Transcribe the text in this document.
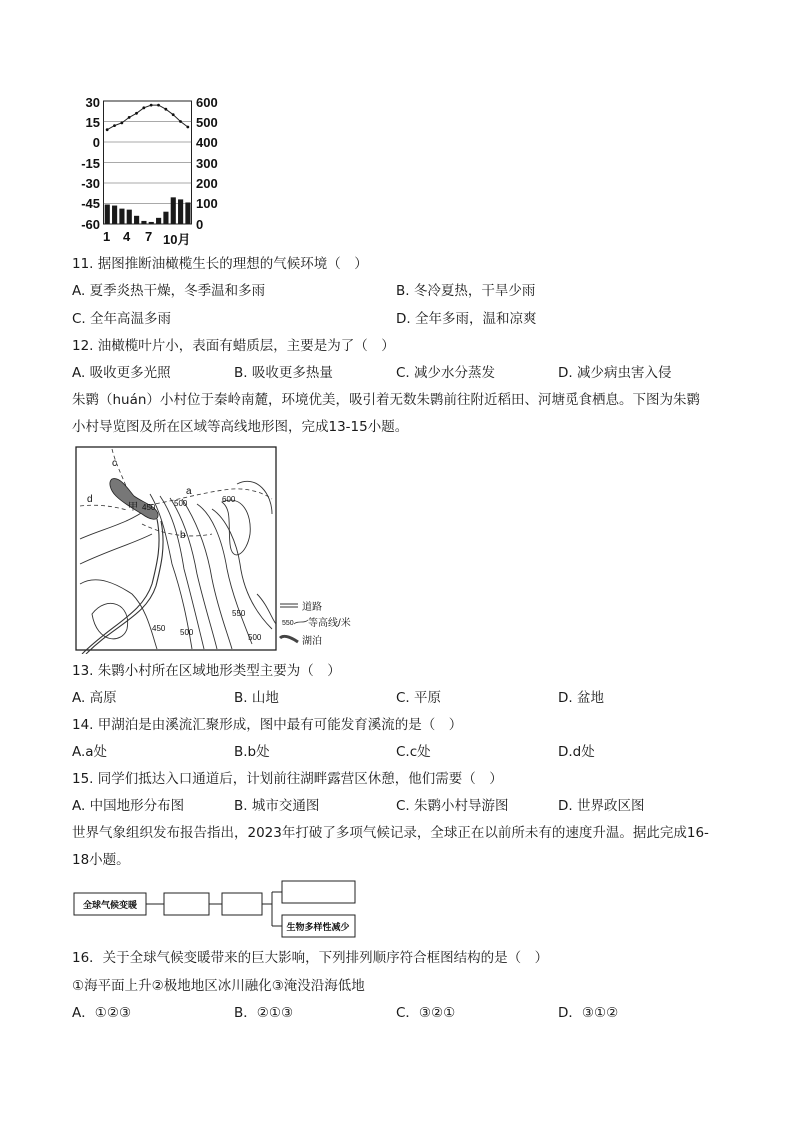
30
15
0
-15
-30
-45
-60
600
500
400
300
200
100
0
1 4 7 10月
11. 据图推断油橄榄生长的理想的气候环境（　）
A. 夏季炎热干燥，冬季温和多雨	B. 冬冷夏热，干旱少雨
C. 全年高温多雨	D. 全年多雨，温和凉爽
12. 油橄榄叶片小，表面有蜡质层，主要是为了（　）
A. 吸收更多光照	B. 吸收更多热量	C. 减少水分蒸发	D. 减少病虫害入侵
朱鹮（huán）小村位于秦岭南麓，环境优美，吸引着无数朱鹮前往附近稻田、河塘觅食栖息。下图为朱鹮
小村导览图及所在区域等高线地形图，完成13-15小题。
c
d
a
b
甲 450 500	600
550
450 500
500
道路
550 等高线/米
湖泊
13. 朱鹮小村所在区域地形类型主要为（　）
A. 高原	B. 山地	C. 平原	D. 盆地
14. 甲湖泊是由溪流汇聚形成，图中最有可能发育溪流的是（　）
A.a处	B.b处	C.c处	D.d处
15. 同学们抵达入口通道后，计划前往湖畔露营区休憩，他们需要（　）
A. 中国地形分布图	B. 城市交通图	C. 朱鹮小村导游图	D. 世界政区图
世界气象组织发布报告指出，2023年打破了多项气候记录，全球正在以前所未有的速度升温。据此完成16-
18小题。
全球气候变暖
生物多样性减少
16．关于全球气候变暖带来的巨大影响，下列排列顺序符合框图结构的是（　）
①海平面上升②极地地区冰川融化③淹没沿海低地
A．①②③	B．②①③	C．③②①	D．③①②
